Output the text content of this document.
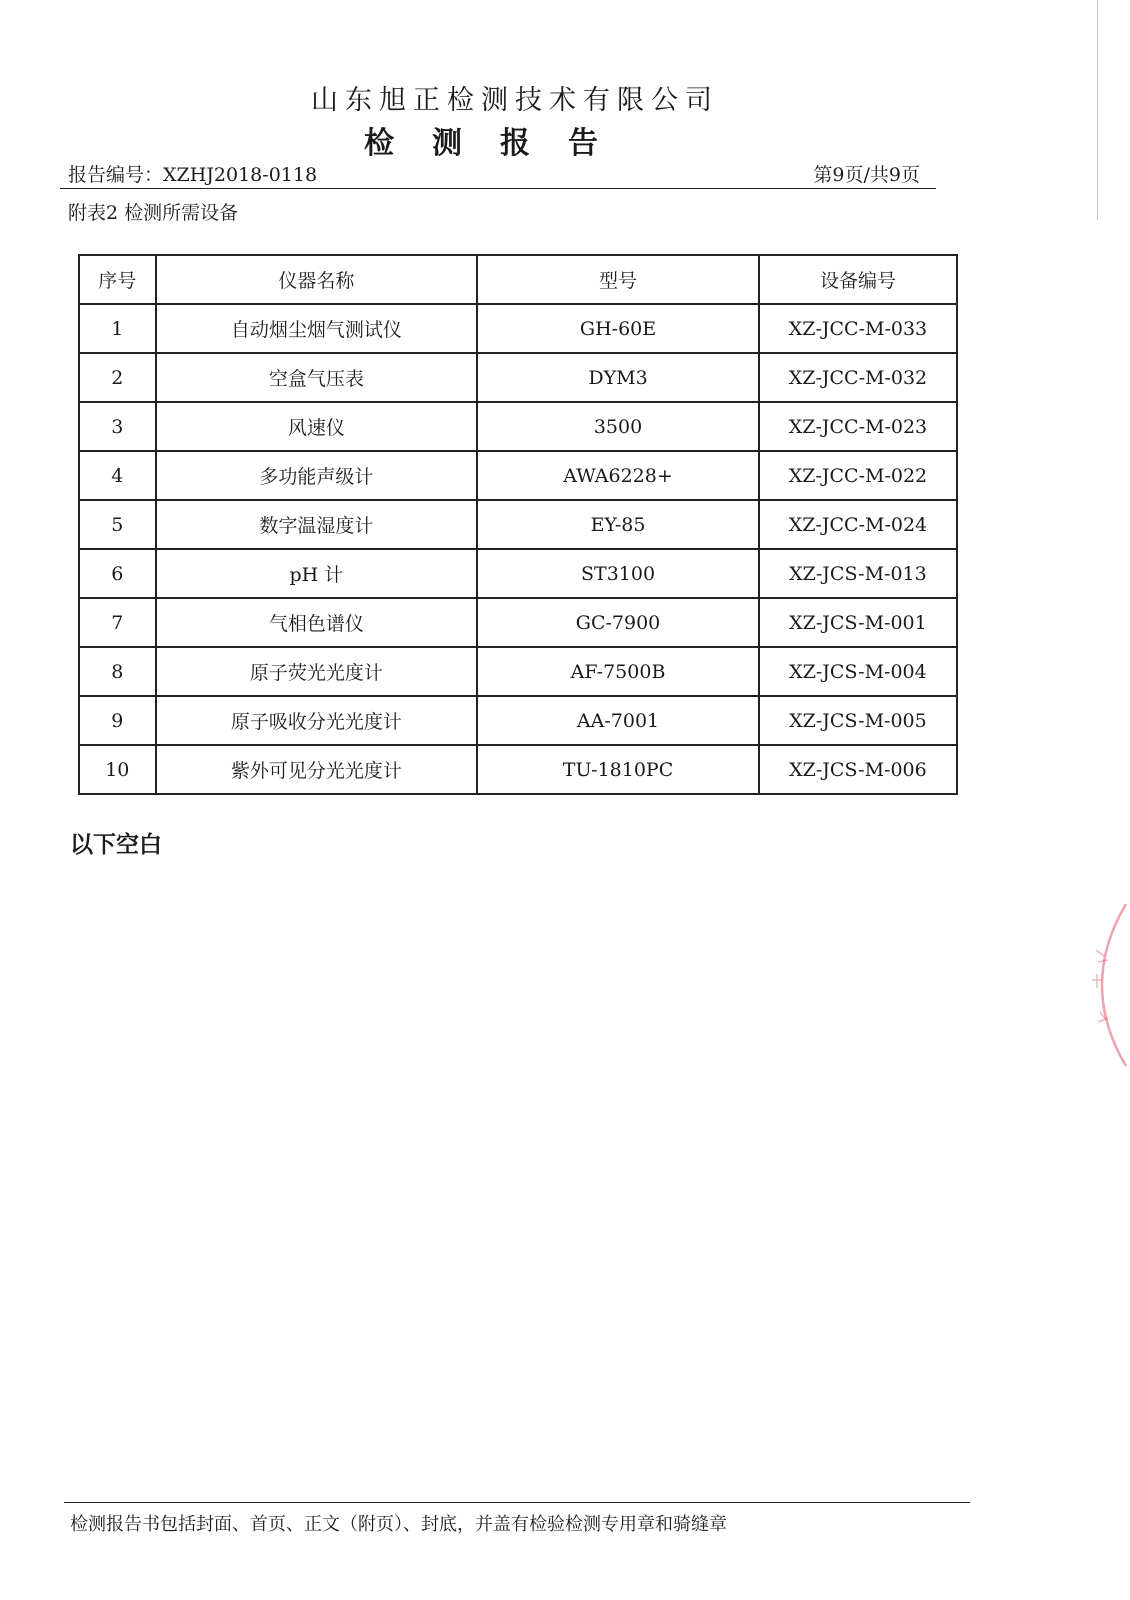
山东旭正检测技术有限公司
检测报告
报告编号：XZHJ2018-0118	第9页/共9页
附表2 检测所需设备
序号	仪器名称	型号	设备编号
1	自动烟尘烟气测试仪	GH-60E	XZ-JCC-M-033
2	空盒气压表	DYM3	XZ-JCC-M-032
3	风速仪	3500	XZ-JCC-M-023
4	多功能声级计	AWA6228+	XZ-JCC-M-022
5	数字温湿度计	EY-85	XZ-JCC-M-024
6	pH 计	ST3100	XZ-JCS-M-013
7	气相色谱仪	GC-7900	XZ-JCS-M-001
8	原子荧光光度计	AF-7500B	XZ-JCS-M-004
9	原子吸收分光光度计	AA-7001	XZ-JCS-M-005
10	紫外可见分光光度计	TU-1810PC	XZ-JCS-M-006
以下空白
检测报告书包括封面、首页、正文（附页）、封底，并盖有检验检测专用章和骑缝章
